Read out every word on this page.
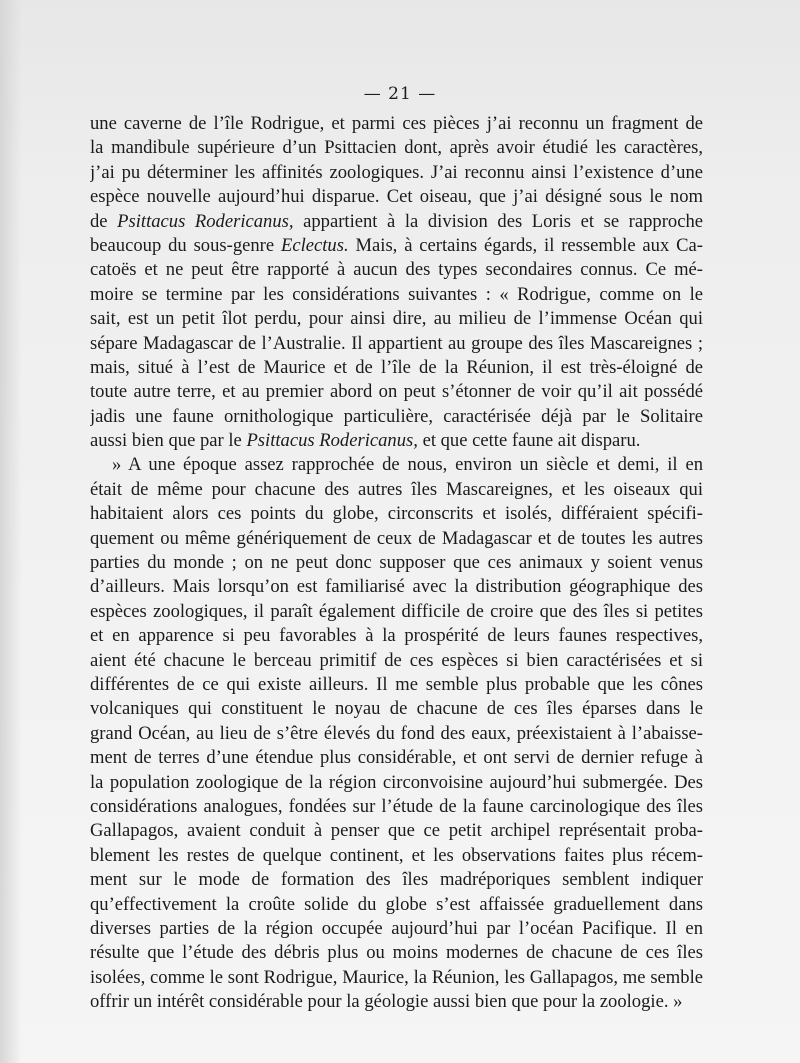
— 21 —
une caverne de l’île Rodrigue, et parmi ces pièces j’ai reconnu un fragment de
la mandibule supérieure d’un Psittacien dont, après avoir étudié les caractères,
j’ai pu déterminer les affinités zoologiques. J’ai reconnu ainsi l’existence d’une
espèce nouvelle aujourd’hui disparue. Cet oiseau, que j’ai désigné sous le nom
de Psittacus Rodericanus, appartient à la division des Loris et se rapproche
beaucoup du sous-genre Eclectus. Mais, à certains égards, il ressemble aux Ca-
catoës et ne peut être rapporté à aucun des types secondaires connus. Ce mé-
moire se termine par les considérations suivantes : « Rodrigue, comme on le
sait, est un petit îlot perdu, pour ainsi dire, au milieu de l’immense Océan qui
sépare Madagascar de l’Australie. Il appartient au groupe des îles Mascareignes ;
mais, situé à l’est de Maurice et de l’île de la Réunion, il est très-éloigné de
toute autre terre, et au premier abord on peut s’étonner de voir qu’il ait possédé
jadis une faune ornithologique particulière, caractérisée déjà par le Solitaire
aussi bien que par le Psittacus Rodericanus, et que cette faune ait disparu.
» A une époque assez rapprochée de nous, environ un siècle et demi, il en
était de même pour chacune des autres îles Mascareignes, et les oiseaux qui
habitaient alors ces points du globe, circonscrits et isolés, différaient spécifi-
quement ou même génériquement de ceux de Madagascar et de toutes les autres
parties du monde ; on ne peut donc supposer que ces animaux y soient venus
d’ailleurs. Mais lorsqu’on est familiarisé avec la distribution géographique des
espèces zoologiques, il paraît également difficile de croire que des îles si petites
et en apparence si peu favorables à la prospérité de leurs faunes respectives,
aient été chacune le berceau primitif de ces espèces si bien caractérisées et si
différentes de ce qui existe ailleurs. Il me semble plus probable que les cônes
volcaniques qui constituent le noyau de chacune de ces îles éparses dans le
grand Océan, au lieu de s’être élevés du fond des eaux, préexistaient à l’abaisse-
ment de terres d’une étendue plus considérable, et ont servi de dernier refuge à
la population zoologique de la région circonvoisine aujourd’hui submergée. Des
considérations analogues, fondées sur l’étude de la faune carcinologique des îles
Gallapagos, avaient conduit à penser que ce petit archipel représentait proba-
blement les restes de quelque continent, et les observations faites plus récem-
ment sur le mode de formation des îles madréporiques semblent indiquer
qu’effectivement la croûte solide du globe s’est affaissée graduellement dans
diverses parties de la région occupée aujourd’hui par l’océan Pacifique. Il en
résulte que l’étude des débris plus ou moins modernes de chacune de ces îles
isolées, comme le sont Rodrigue, Maurice, la Réunion, les Gallapagos, me semble
offrir un intérêt considérable pour la géologie aussi bien que pour la zoologie. »
